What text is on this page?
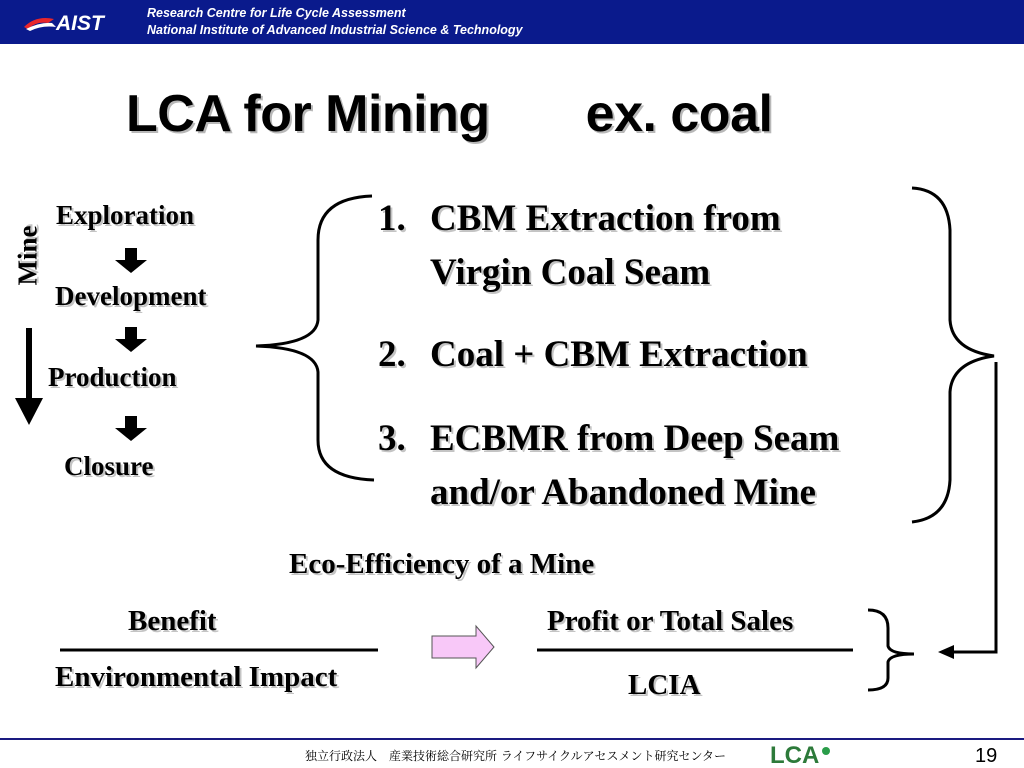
AIST	Research Centre for Life Cycle Assessment
National Institute of Advanced Industrial Science & Technology
LCA for Mining ex. coal
Mine
Exploration
Development
Production
Closure
1. CBM Extraction from
Virgin Coal Seam
2. Coal + CBM Extraction
3. ECBMR from Deep Seam
and/or Abandoned Mine
Eco-Efficiency of a Mine
Benefit
Environmental Impact
Profit or Total Sales
LCIA
独立行政法人　産業技術総合研究所 ライフサイクルアセスメント研究センター LCA	19
